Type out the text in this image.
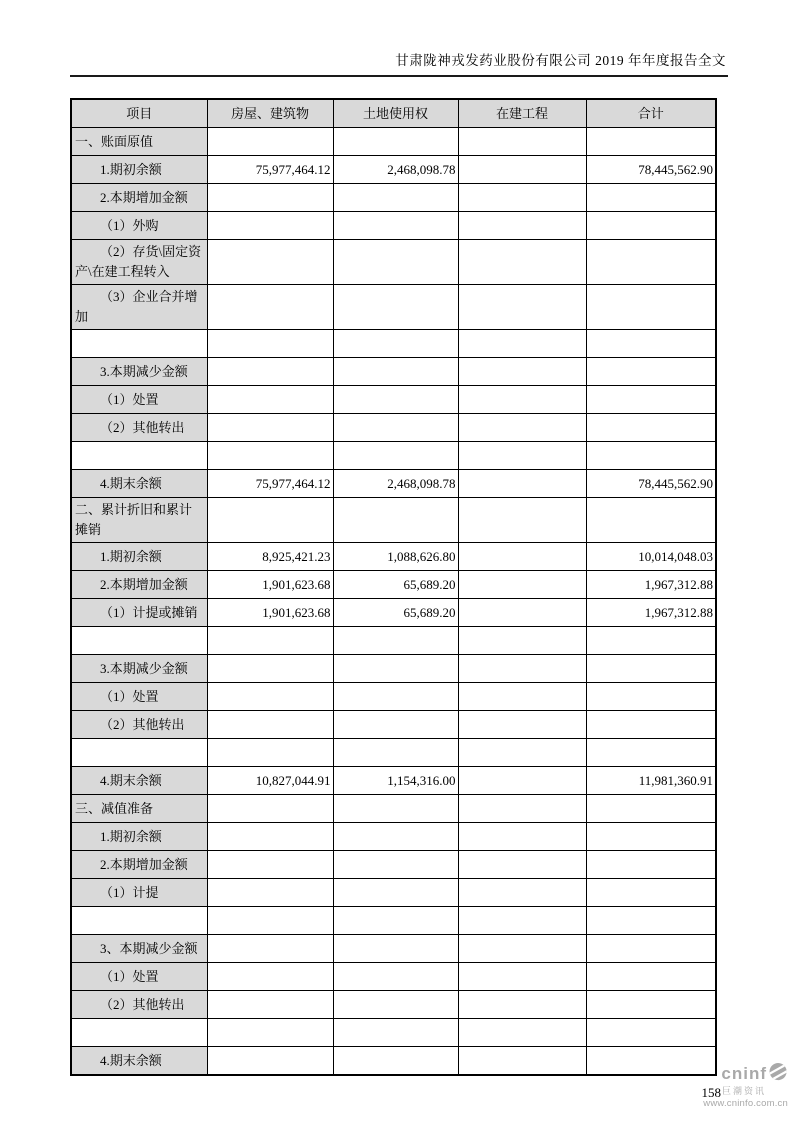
甘肃陇神戎发药业股份有限公司 2019 年年度报告全文
项目	房屋、建筑物	土地使用权	在建工程	合计
一、账面原值				
1.期初余额	75,977,464.12	2,468,098.78		78,445,562.90
2.本期增加金额				
（1）外购				
（2）存货\固定资产\在建工程转入				
（3）企业合并增加				

3.本期减少金额				
（1）处置				
（2）其他转出				

4.期末余额	75,977,464.12	2,468,098.78		78,445,562.90
二、累计折旧和累计摊销				
1.期初余额	8,925,421.23	1,088,626.80		10,014,048.03
2.本期增加金额	1,901,623.68	65,689.20		1,967,312.88
（1）计提或摊销	1,901,623.68	65,689.20		1,967,312.88

3.本期减少金额				
（1）处置				
（2）其他转出				

4.期末余额	10,827,044.91	1,154,316.00		11,981,360.91
三、减值准备				
1.期初余额				
2.本期增加金额				
（1）计提				

3、本期减少金额				
（1）处置				
（2）其他转出				

4.期末余额				
158
cninf
巨潮资讯
www.cninfo.com.cn
